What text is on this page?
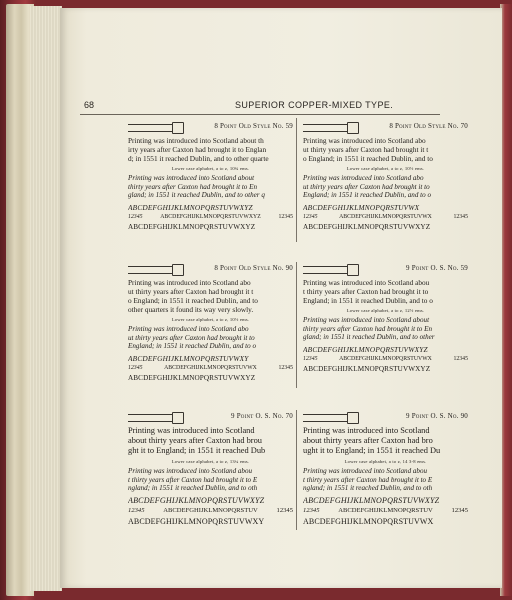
68	SUPERIOR COPPER-MIXED TYPE.
8 Point Old Style No. 59

Printing was introduced into Scotland about th
irty years after Caxton had brought it to Englan
d; in 1551 it reached Dublin, and to other quarte

Lower case alphabet, a to z, 10¾ ems.

Printing was introduced into Scotland about
thirty years after Caxton had brought it to En
gland; in 1551 it reached Dublin, and to other q

ABCDEFGHIJKLMNOPQRSTUVWXYZ
12345	ABCDEFGHIJKLMNOPQRSTUVWXYZ	12345
ABCDEFGHIJKLMNOPQRSTUVWXYZ
8 Point Old Style No. 70

Printing was introduced into Scotland abo
ut thirty years after Caxton had brought it t
o England; in 1551 it reached Dublin, and to

Lower case alphabet, a to z, 10½ ems.

Printing was introduced into Scotland abo
ut thirty years after Caxton had brought it to
England; in 1551 it reached Dublin, and to o

ABCDEFGHIJKLMNOPQRSTUVWX
12345	ABCDEFGHIJKLMNOPQRSTUVWX	12345
ABCDEFGHIJKLMNOPQRSTUVWXYZ
8 Point Old Style No. 90

Printing was introduced into Scotland abo
ut thirty years after Caxton had brought it t
o England; in 1551 it reached Dublin, and to
other quarters it found its way very slowly.

Lower case alphabet, a to z, 10½ ems.

Printing was introduced into Scotland abo
ut thirty years after Caxton had brought it to
England; in 1551 it reached Dublin, and to o

ABCDEFGHIJKLMNOPQRSTUVWXY
12345	ABCDEFGHIJKLMNOPQRSTUVWX	12345
ABCDEFGHIJKLMNOPQRSTUVWXYZ
9 Point O. S. No. 59

Printing was introduced into Scotland abou
t thirty years after Caxton had brought it to
England; in 1551 it reached Dublin, and to o

Lower case alphabet, a to z, 12½ ems.

Printing was introduced into Scotland about
thirty years after Caxton had brought it to En
gland; in 1551 it reached Dublin, and to other

ABCDEFGHIJKLMNOPQRSTUVWXYZ
12345	ABCDEFGHIJKLMNOPQRSTUVWX	12345
ABCDEFGHIJKLMNOPQRSTUVWXYZ
9 Point O. S. No. 70

Printing was introduced into Scotland
about thirty years after Caxton had brou
ght it to England; in 1551 it reached Dub

Lower case alphabet, a to z, 13¼ ems.

Printing was introduced into Scotland abou
t thirty years after Caxton had brought it to E
ngland; in 1551 it reached Dublin, and to oth

ABCDEFGHIJKLMNOPQRSTUVWXYZ
12345	ABCDEFGHIJKLMNOPQRSTUV	12345
ABCDEFGHIJKLMNOPQRSTUVWXY
9 Point O. S. No. 90

Printing was introduced into Scotland
about thirty years after Caxton had bro
ught it to England; in 1551 it reached Du

Lower case alphabet, a to z, 14 3-8 ems.

Printing was introduced into Scotland abou
t thirty years after Caxton had brought it to E
ngland; in 1551 it reached Dublin, and to oth

ABCDEFGHIJKLMNOPQRSTUVWXYZ
12345	ABCDEFGHIJKLMNOPQRSTUV	12345
ABCDEFGHIJKLMNOPQRSTUVWX
